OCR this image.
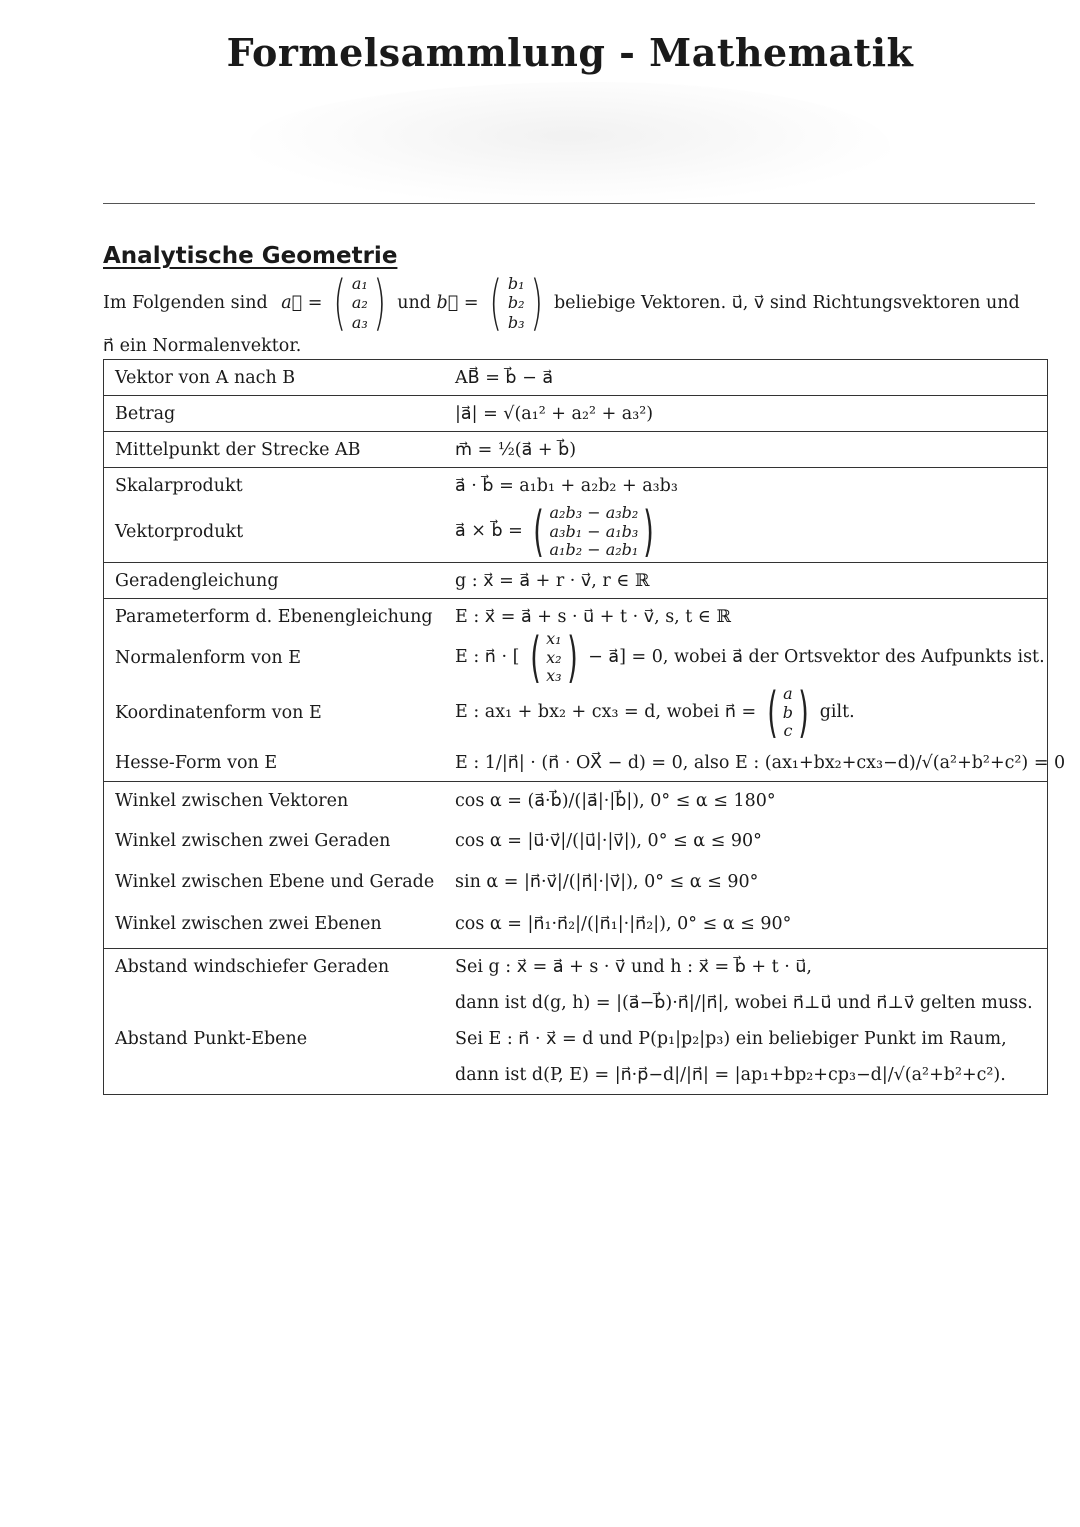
Formelsammlung - Mathematik
Analytische Geometrie
Im Folgenden sind
a⃗ = ( a₁
a₂
a₃ ) und
b⃗ = ( b₁
b₂
b₃ ) beliebige Vektoren. u⃗, v⃗ sind Richtungsvektoren und
n⃗ ein Normalenvektor.
Vektor von A nach B	AB⃗ = b⃗ − a⃗
Betrag	|a⃗| = √(a₁² + a₂² + a₃²)
Mittelpunkt der Strecke AB	m⃗ = ½(a⃗ + b⃗)
Skalarprodukt	a⃗ · b⃗ = a₁b₁ + a₂b₂ + a₃b₃
Vektorprodukt	a⃗ × b⃗ = ( a₂b₃ − a₃b₂
a₃b₁ − a₁b₃
a₁b₂ − a₂b₁ )
Geradengleichung	g : x⃗ = a⃗ + r · v⃗, r ∈ ℝ
Parameterform d. Ebenengleichung	E : x⃗ = a⃗ + s · u⃗ + t · v⃗, s, t ∈ ℝ
Normalenform von E	E : n⃗ · [ ( x₁
x₂
x₃ ) − a⃗] = 0, wobei a⃗ der Ortsvektor des Aufpunkts ist.
Koordinatenform von E	E : ax₁ + bx₂ + cx₃ = d, wobei n⃗ = ( a
b
c ) gilt.
Hesse-Form von E	E : 1/|n⃗| · (n⃗ · OX⃗ − d) = 0, also E : (ax₁+bx₂+cx₃−d)/√(a²+b²+c²) = 0
Winkel zwischen Vektoren	cos α = (a⃗·b⃗)/(|a⃗|·|b⃗|), 0° ≤ α ≤ 180°
Winkel zwischen zwei Geraden	cos α = |u⃗·v⃗|/(|u⃗|·|v⃗|), 0° ≤ α ≤ 90°
Winkel zwischen Ebene und Gerade	sin α = |n⃗·v⃗|/(|n⃗|·|v⃗|), 0° ≤ α ≤ 90°
Winkel zwischen zwei Ebenen	cos α = |n⃗₁·n⃗₂|/(|n⃗₁|·|n⃗₂|), 0° ≤ α ≤ 90°
Abstand windschiefer Geraden	Sei g : x⃗ = a⃗ + s · v⃗ und h : x⃗ = b⃗ + t · u⃗,
dann ist d(g, h) = |(a⃗−b⃗)·n⃗|/|n⃗|, wobei n⃗⊥u⃗ und n⃗⊥v⃗ gelten muss.
Abstand Punkt-Ebene	Sei E : n⃗ · x⃗ = d und P(p₁|p₂|p₃) ein beliebiger Punkt im Raum,
dann ist d(P, E) = |n⃗·p⃗−d|/|n⃗| = |ap₁+bp₂+cp₃−d|/√(a²+b²+c²).
